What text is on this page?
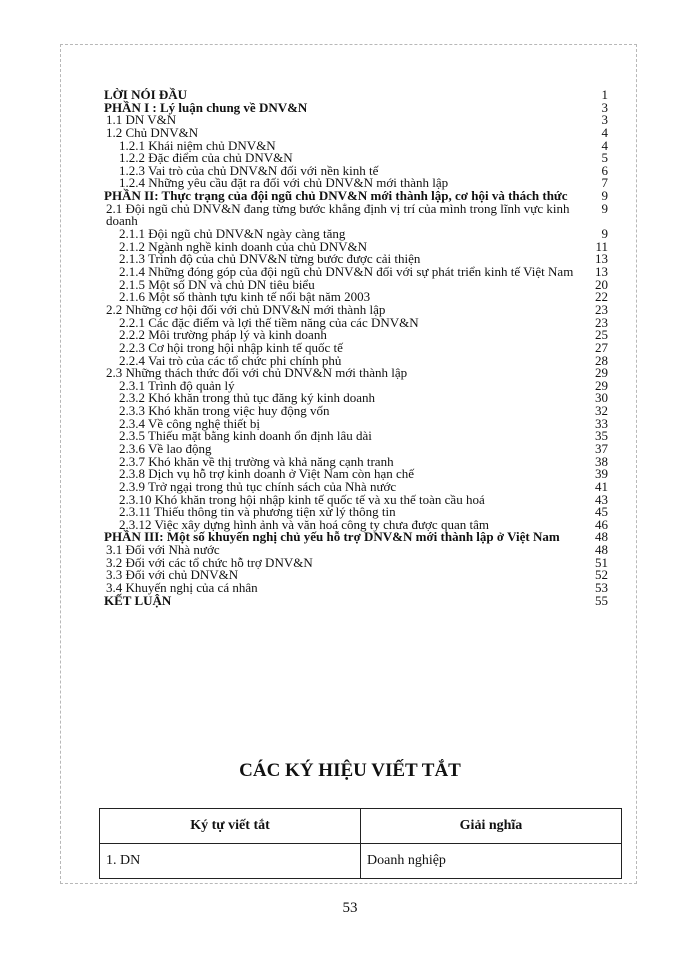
LỜI NÓI ĐẦU	1
PHẦN I : Lý luận chung về DNV&N	3
1.1 DN V&N	3
1.2 Chủ DNV&N	4
1.2.1 Khái niệm chủ DNV&N	4
1.2.2 Đặc điểm của chủ DNV&N	5
1.2.3 Vai trò của chủ DNV&N đối với nền kinh tế	6
1.2.4 Những yêu cầu đặt ra đối với chủ DNV&N mới thành lập	7
PHẦN II: Thực trạng của đội ngũ chủ DNV&N mới thành lập, cơ hội và thách thức	9
2.1 Đội ngũ chủ DNV&N đang từng bước khẳng định vị trí của mình trong lĩnh vực kinh doanh
9
2.1.1 Đội ngũ chủ DNV&N ngày càng tăng	9
2.1.2 Ngành nghề kinh doanh của chủ DNV&N	11
2.1.3 Trình độ của chủ DNV&N từng bước được cải thiện	13
2.1.4 Những đóng góp của đội ngũ chủ DNV&N đối với sự phát triển kinh tế Việt Nam 13
2.1.5 Một số DN và chủ DN tiêu biểu	20
2.1.6 Một số thành tựu kinh tế nổi bật năm 2003	22
2.2 Những cơ hội đối với chủ DNV&N mới thành lập	23
2.2.1 Các đặc điểm và lợi thế tiềm năng của các DNV&N	23
2.2.2 Môi trường pháp lý và kinh doanh	25
2.2.3 Cơ hội trong hội nhập kinh tế quốc tế	27
2.2.4 Vai trò của các tổ chức phi chính phủ	28
2.3 Những thách thức đối với chủ DNV&N mới thành lập	29
2.3.1 Trình độ quản lý	29
2.3.2 Khó khăn trong thủ tục đăng ký kinh doanh	30
2.3.3 Khó khăn trong việc huy động vốn	32
2.3.4 Về công nghệ thiết bị	33
2.3.5 Thiếu mặt bằng kinh doanh ổn định lâu dài	35
2.3.6 Về lao động	37
2.3.7 Khó khăn về thị trường và khả năng cạnh tranh	38
2.3.8 Dịch vụ hỗ trợ kinh doanh ở Việt Nam còn hạn chế	39
2.3.9 Trở ngại trong thủ tục chính sách của Nhà nước	41
2.3.10 Khó khăn trong hội nhập kinh tế quốc tế và xu thế toàn cầu hoá	43
2.3.11 Thiếu thông tin và phương tiện xử lý thông tin	45
2.3.12 Việc xây dựng hình ảnh và văn hoá công ty chưa được quan tâm	46
PHẦN III: Một số khuyến nghị chủ yếu hỗ trợ DNV&N mới thành lập ở Việt Nam	48
3.1 Đối với Nhà nước	48
3.2 Đối với các tổ chức hỗ trợ DNV&N	51
3.3 Đối với chủ DNV&N	52
3.4 Khuyến nghị của cá nhân	53
KẾT LUẬN	55
CÁC KÝ HIỆU VIẾT TẮT
Ký tự viết tắt	Giải nghĩa
1. DN	Doanh nghiệp
53
